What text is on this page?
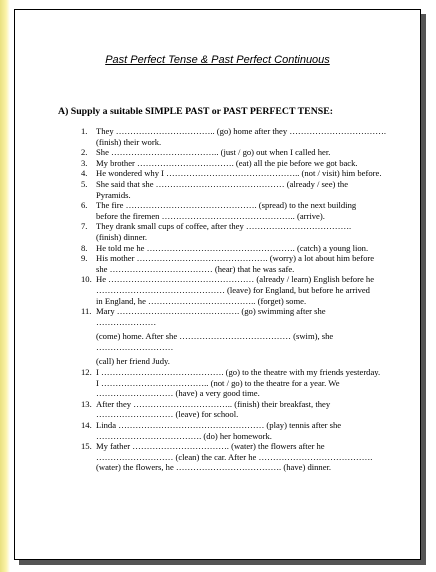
Past Perfect Tense & Past Perfect Continuous
A) Supply a suitable SIMPLE PAST or PAST PERFECT TENSE:
1. They …………………………….. (go) home after they …………………………….
(finish) their work.
2. She ……………………………….. (just / go) out when I called her.
3. My brother ……………………………. (eat) all the pie before we got back.
4. He wondered why I ……………………………………….. (not / visit) him before.
5. She said that she ……………………………………… (already / see) the
Pyramids.
6. The fire ………………………………………. (spread) to the next building
before the firemen ……………………………………….. (arrive).
7. They drank small cups of coffee, after they ……………………………….
(finish) dinner.
8. He told me he ……………………………………………. (catch) a young lion.
9. His mother ………………………………………. (worry) a lot about him before
she ……………………………… (hear) that he was safe.
10. He …………………………………………… (already / learn) English before he
……………………………………… (leave) for England, but before he arrived
in England, he ……………………………….. (forget) some.
11. Mary ……………………………………. (go) swimming after she
…………………
(come) home. After she ………………………………… (swim), she
………………………
(call) her friend Judy.
12. I ……………………………………. (go) to the theatre with my friends yesterday.
I ……………………………….. (not / go) to the theatre for a year. We
……………………… (have) a very good time.
13. After they …………………………….. (finish) their breakfast, they
……………………… (leave) for school.
14. Linda …………………………………………… (play) tennis after she
………………………………. (do) her homework.
15. My father ……………………………. (water) the flowers after he
……………………… (clean) the car. After he ………………………………….
(water) the flowers, he ………………………………. (have) dinner.
